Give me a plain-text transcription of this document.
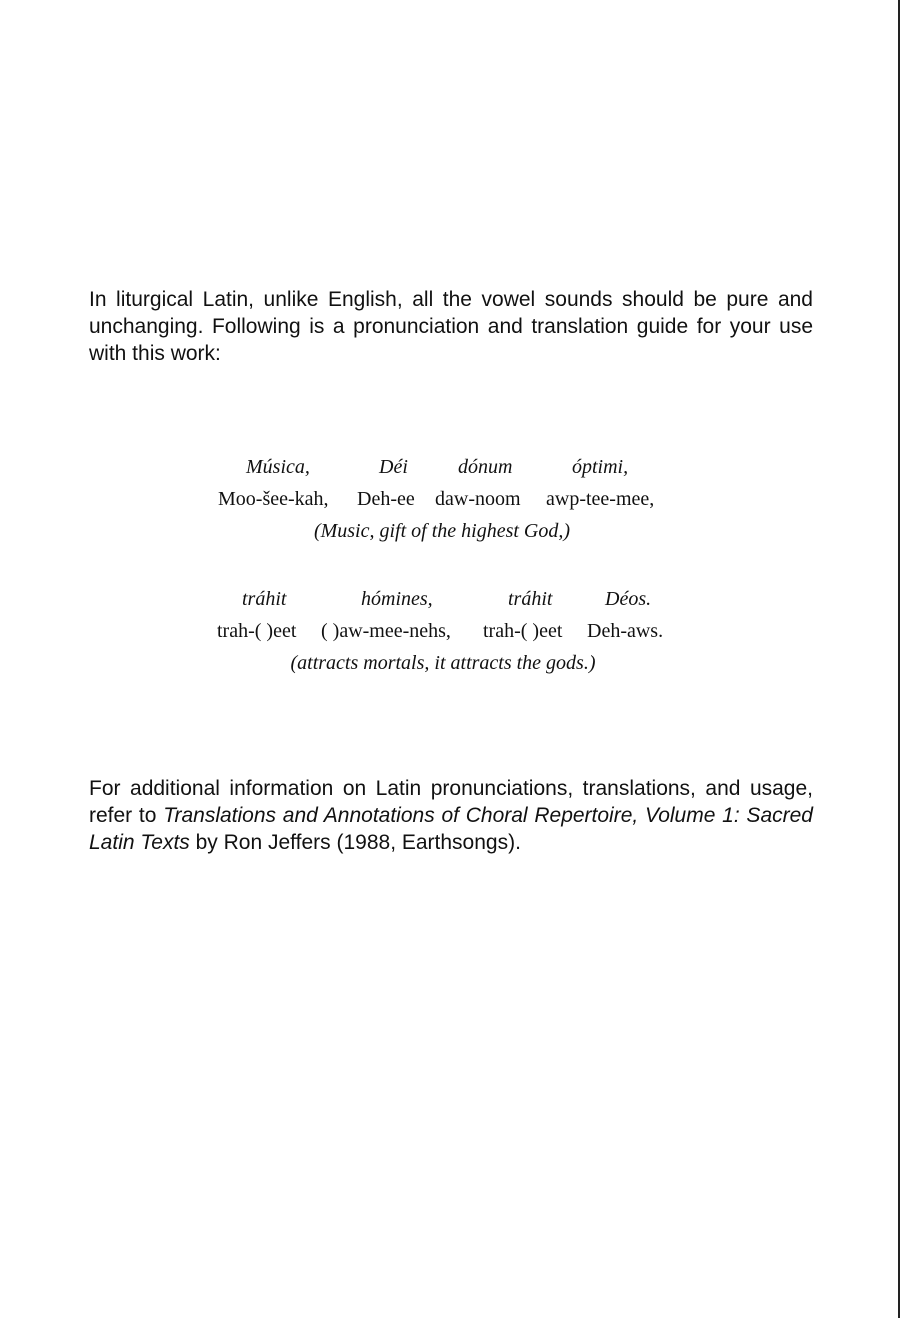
In liturgical Latin, unlike English, all the vowel sounds should be pure and unchanging. Following is a pronunciation and translation guide for your use with this work:

Música,	Déi	dónum	óptimi,
Moo-šee-kah, Deh-ee daw-noom awp-tee-mee,
(Music, gift of the highest God,)
tráhit	hómines,	tráhit	Déos.
trah-( )eet ( )aw-mee-nehs, trah-( )eet Deh-aws.
(attracts mortals, it attracts the gods.)

For additional information on Latin pronunciations, translations, and usage, refer to Translations and Annotations of Choral Repertoire, Volume 1: Sacred Latin Texts by Ron Jeffers (1988, Earthsongs).
